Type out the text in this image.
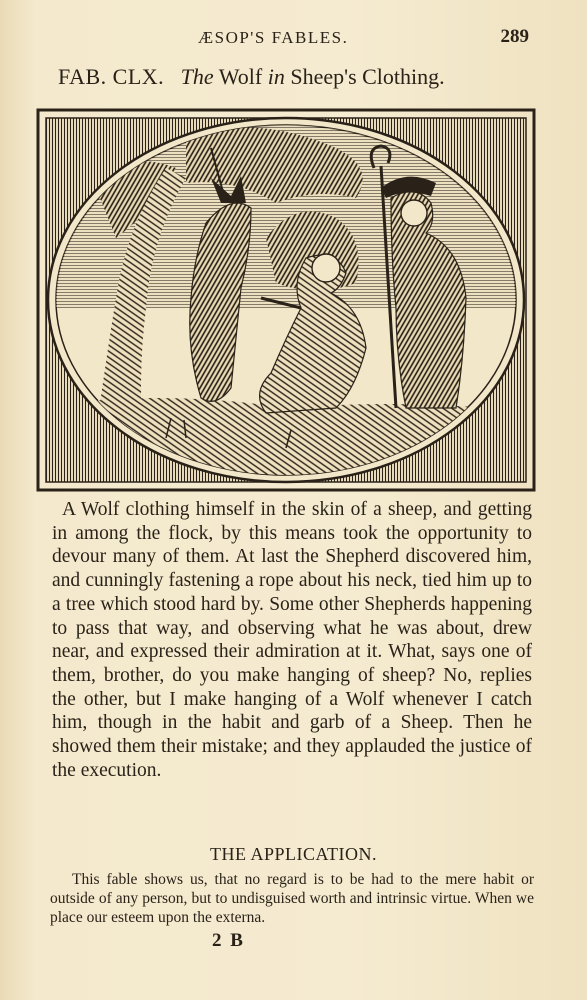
ÆSOP'S FABLES.	289
FAB. CLX. The Wolf in Sheep's Clothing.

A Wolf clothing himself in the skin of a sheep, and getting in among the flock, by this means took the opportunity to devour many of them. At last the Shepherd discovered him, and cunningly fastening a rope about his neck, tied him up to a tree which stood hard by. Some other Shepherds happening to pass that way, and observing what he was about, drew near, and expressed their admiration at it. What, says one of them, brother, do you make hanging of sheep? No, replies the other, but I make hanging of a Wolf whenever I catch him, though in the habit and garb of a Sheep. Then he showed them their mistake; and they applauded the justice of the execution.

THE APPLICATION.

This fable shows us, that no regard is to be had to the mere habit or outside of any person, but to undisguised worth and intrinsic virtue. When we place our esteem upon the externa.

2 B
